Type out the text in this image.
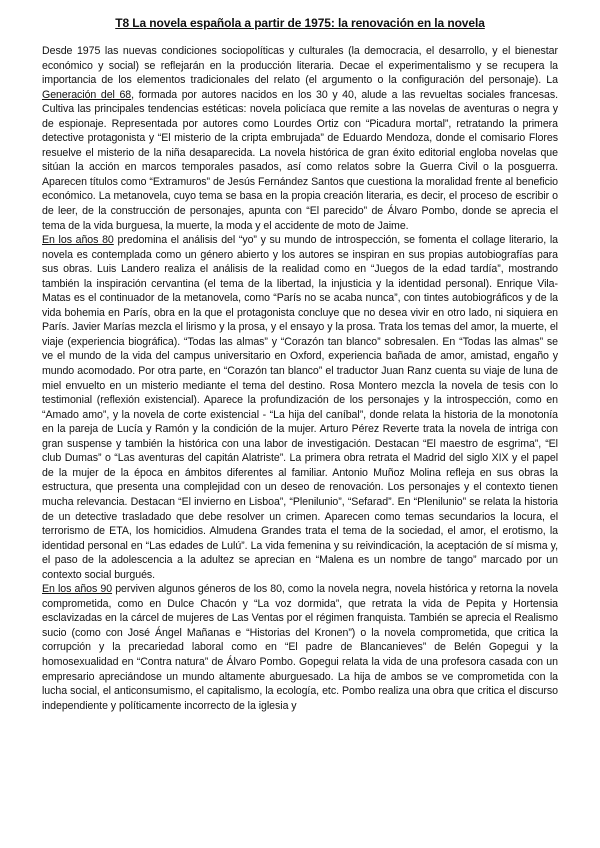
T8 La novela española a partir de 1975: la renovación en la novela

Desde 1975 las nuevas condiciones sociopolíticas y culturales (la democracia, el desarrollo, y el bienestar económico y social) se reflejarán en la producción literaria. Decae el experimentalismo y se recupera la importancia de los elementos tradicionales del relato (el argumento o la configuración del personaje). La Generación del 68, formada por autores nacidos en los 30 y 40, alude a las revueltas sociales francesas. Cultiva las principales tendencias estéticas: novela policíaca que remite a las novelas de aventuras o negra y de espionaje. Representada por autores como Lourdes Ortiz con “Picadura mortal”, retratando la primera detective protagonista y “El misterio de la cripta embrujada” de Eduardo Mendoza, donde el comisario Flores resuelve el misterio de la niña desaparecida. La novela histórica de gran éxito editorial engloba novelas que sitúan la acción en marcos temporales pasados, así como relatos sobre la Guerra Civil o la posguerra. Aparecen títulos como “Extramuros” de Jesús Fernández Santos que cuestiona la moralidad frente al beneficio económico. La metanovela, cuyo tema se basa en la propia creación literaria, es decir, el proceso de escribir o de leer, de la construcción de personajes, apunta con “El parecido” de Álvaro Pombo, donde se aprecia el tema de la vida burguesa, la muerte, la moda y el accidente de moto de Jaime.

En los años 80 predomina el análisis del “yo” y su mundo de introspección, se fomenta el collage literario, la novela es contemplada como un género abierto y los autores se inspiran en sus propias autobiografías para sus obras. Luis Landero realiza el análisis de la realidad como en “Juegos de la edad tardía”, mostrando también la inspiración cervantina (el tema de la libertad, la injusticia y la identidad personal). Enrique Vila-Matas es el continuador de la metanovela, como “París no se acaba nunca”, con tintes autobiográficos y de la vida bohemia en París, obra en la que el protagonista concluye que no desea vivir en otro lado, ni siquiera en París. Javier Marías mezcla el lirismo y la prosa, y el ensayo y la prosa. Trata los temas del amor, la muerte, el viaje (experiencia biográfica). “Todas las almas” y “Corazón tan blanco” sobresalen. En “Todas las almas” se ve el mundo de la vida del campus universitario en Oxford, experiencia bañada de amor, amistad, engaño y mundo acomodado. Por otra parte, en “Corazón tan blanco” el traductor Juan Ranz cuenta su viaje de luna de miel envuelto en un misterio mediante el tema del destino. Rosa Montero mezcla la novela de tesis con lo testimonial (reflexión existencial). Aparece la profundización de los personajes y la introspección, como en “Amado amo”, y la novela de corte existencial - “La hija del caníbal”, donde relata la historia de la monotonía en la pareja de Lucía y Ramón y la condición de la mujer. Arturo Pérez Reverte trata la novela de intriga con gran suspense y también la histórica con una labor de investigación. Destacan “El maestro de esgrima”, “El club Dumas” o “Las aventuras del capitán Alatriste”. La primera obra retrata el Madrid del siglo XIX y el papel de la mujer de la época en ámbitos diferentes al familiar. Antonio Muñoz Molina refleja en sus obras la estructura, que presenta una complejidad con un deseo de renovación. Los personajes y el contexto tienen mucha relevancia. Destacan “El invierno en Lisboa”, “Plenilunio”, “Sefarad”. En “Plenilunio” se relata la historia de un detective trasladado que debe resolver un crimen. Aparecen como temas secundarios la locura, el terrorismo de ETA, los homicidios. Almudena Grandes trata el tema de la sociedad, el amor, el erotismo, la identidad personal en “Las edades de Lulú”. La vida femenina y su reivindicación, la aceptación de sí misma y, el paso de la adolescencia a la adultez se aprecian en “Malena es un nombre de tango” marcado por un contexto social burgués.

En los años 90 perviven algunos géneros de los 80, como la novela negra, novela histórica y retorna la novela comprometida, como en Dulce Chacón y “La voz dormida”, que retrata la vida de Pepita y Hortensia esclavizadas en la cárcel de mujeres de Las Ventas por el régimen franquista. También se aprecia el Realismo sucio (como con José Ángel Mañanas e “Historias del Kronen”) o la novela comprometida, que critica la corrupción y la precariedad laboral como en “El padre de Blancanieves” de Belén Gopegui y la homosexualidad en “Contra natura” de Álvaro Pombo. Gopegui relata la vida de una profesora casada con un empresario apreciándose un mundo altamente aburguesado. La hija de ambos se ve comprometida con la lucha social, el anticonsumismo, el capitalismo, la ecología, etc. Pombo realiza una obra que critica el discurso independiente y políticamente incorrecto de la iglesia y
